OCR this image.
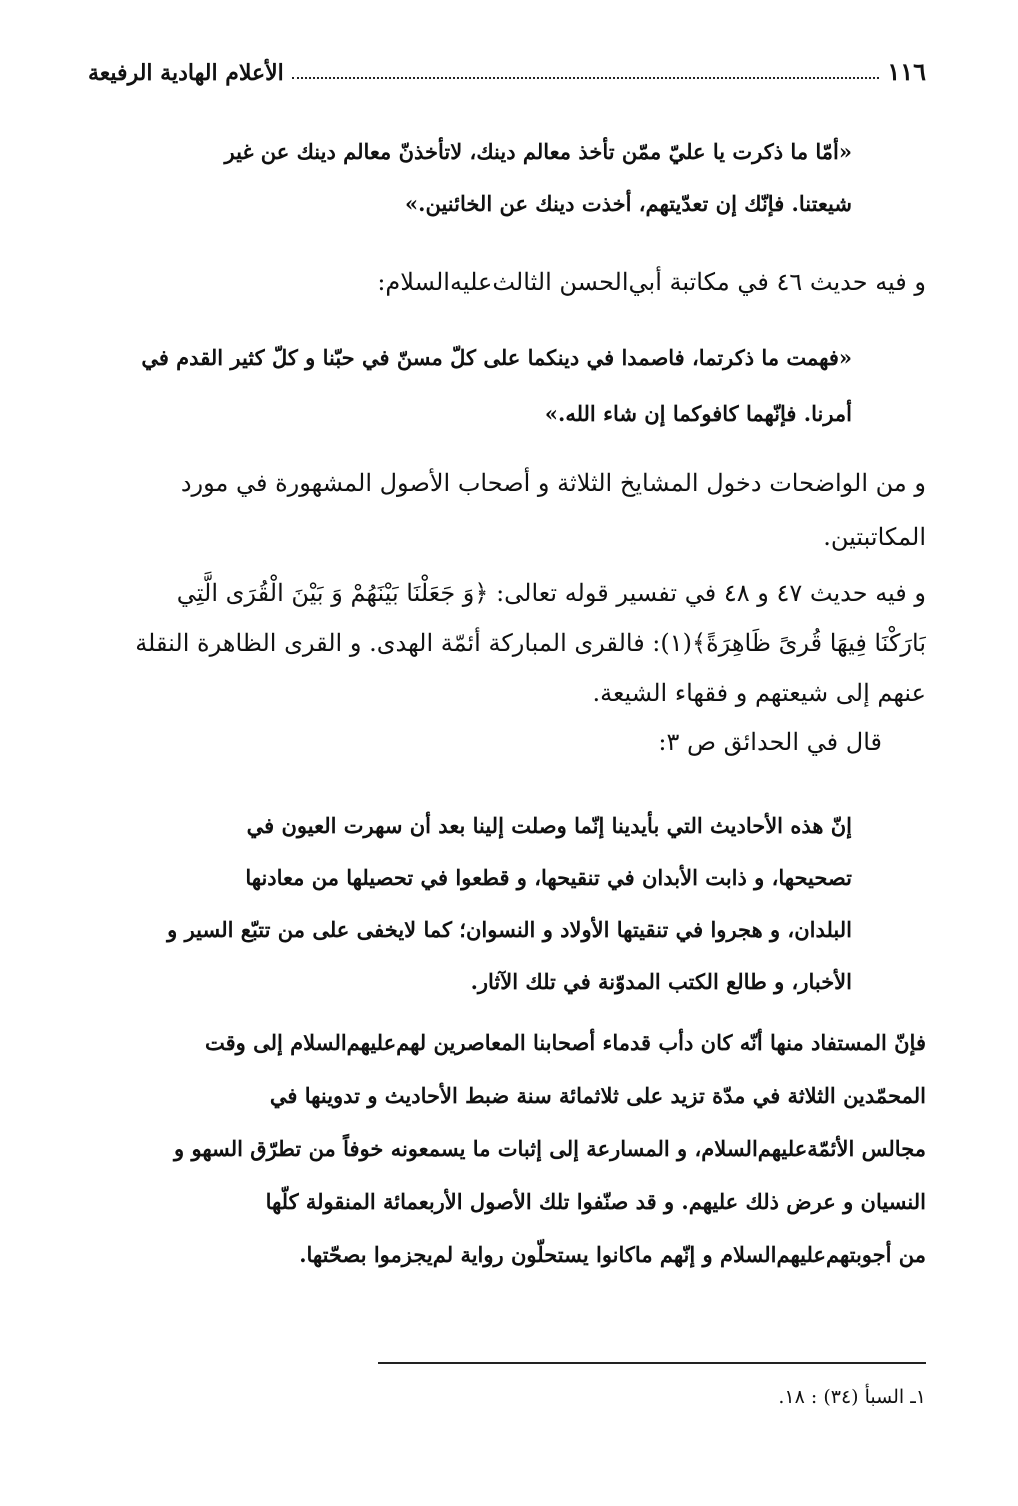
١١٦
الأعلام الهادية الرفيعة
«أمّا ما ذكرت يا عليّ ممّن تأخذ معالم دينك، لاتأخذنّ معالم دينك عن غير
شيعتنا. فإنّك إن تعدّيتهم، أخذت دينك عن الخائنين.»
و فيه حديث ٤٦ في مكاتبة أبي‌الحسن الثالث‌عليه‌السلام:
«فهمت ما ذكرتما، فاصمدا في دينكما على كلّ مسنّ في حبّنا و كلّ كثير القدم في
أمرنا. فإنّهما كافوكما إن شاء الله.»
و من الواضحات دخول المشايخ الثلاثة و أصحاب الأصول المشهورة في مورد
المكاتبتين.
و فيه حديث ٤٧ و ٤٨ في تفسير قوله تعالى: ﴿وَ جَعَلْنَا بَيْنَهُمْ وَ بَيْنَ الْقُرَى الَّتِي
بَارَكْنَا فِيهَا قُرىً ظَاهِرَةً﴾(١): فالقرى المباركة أئمّة الهدى. و القرى الظاهرة النقلة
عنهم إلى شيعتهم و فقهاء الشيعة.
قال في الحدائق ص ٣:
إنّ هذه الأحاديث التي بأيدينا إنّما وصلت إلينا بعد أن سهرت العيون في
تصحيحها، و ذابت الأبدان في تنقيحها، و قطعوا في تحصيلها من معادنها
البلدان، و هجروا في تنقيتها الأولاد و النسوان؛ كما لايخفى على من تتبّع السير و
الأخبار، و طالع الكتب المدوّنة في تلك الآثار.
فإنّ المستفاد منها أنّه كان دأب قدماء أصحابنا المعاصرين لهم‌عليهم‌السلام إلى وقت
المحمّدين الثلاثة في مدّة تزيد على ثلاثمائة سنة ضبط الأحاديث و تدوينها في
مجالس الأئمّة‌عليهم‌السلام، و المسارعة إلى إثبات ما يسمعونه خوفاً من تطرّق السهو و
النسيان و عرض ذلك عليهم. و قد صنّفوا تلك الأصول الأربعمائة المنقولة كلّها
من أجوبتهم‌عليهم‌السلام و إنّهم ماكانوا يستحلّون رواية لم‌يجزموا بصحّتها.
١ـ السبأ (٣٤) : ١٨.
